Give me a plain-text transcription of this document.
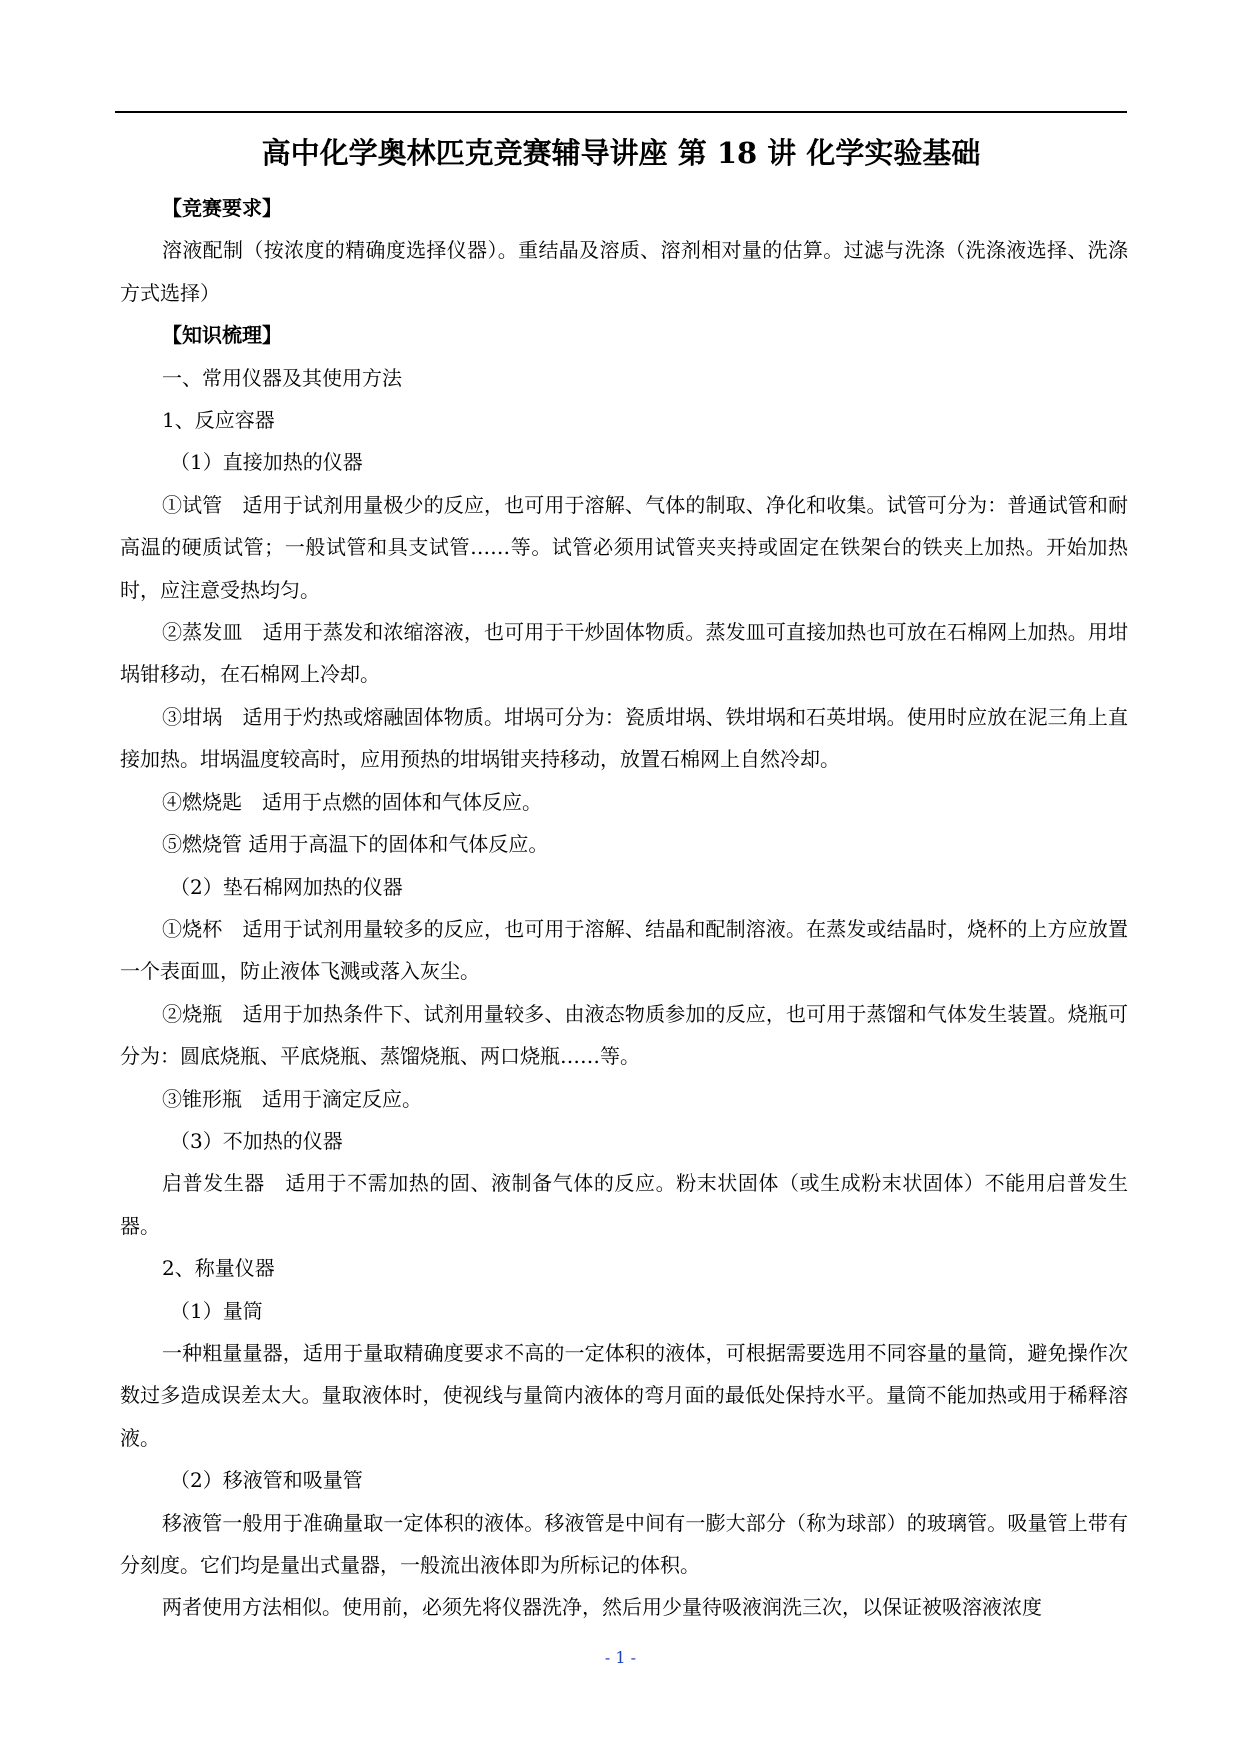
高中化学奥林匹克竞赛辅导讲座 第 18 讲 化学实验基础

【竞赛要求】

溶液配制（按浓度的精确度选择仪器）。重结晶及溶质、溶剂相对量的估算。过滤与洗涤（洗涤液选择、洗涤方式选择）

【知识梳理】

一、常用仪器及其使用方法

1、反应容器

（1）直接加热的仪器

①试管　适用于试剂用量极少的反应，也可用于溶解、气体的制取、净化和收集。试管可分为：普通试管和耐高温的硬质试管；一般试管和具支试管……等。试管必须用试管夹夹持或固定在铁架台的铁夹上加热。开始加热时，应注意受热均匀。

②蒸发皿　适用于蒸发和浓缩溶液，也可用于干炒固体物质。蒸发皿可直接加热也可放在石棉网上加热。用坩埚钳移动，在石棉网上冷却。

③坩埚　适用于灼热或熔融固体物质。坩埚可分为：瓷质坩埚、铁坩埚和石英坩埚。使用时应放在泥三角上直接加热。坩埚温度较高时，应用预热的坩埚钳夹持移动，放置石棉网上自然冷却。

④燃烧匙　适用于点燃的固体和气体反应。

⑤燃烧管 适用于高温下的固体和气体反应。

（2）垫石棉网加热的仪器

①烧杯　适用于试剂用量较多的反应，也可用于溶解、结晶和配制溶液。在蒸发或结晶时，烧杯的上方应放置一个表面皿，防止液体飞溅或落入灰尘。

②烧瓶　适用于加热条件下、试剂用量较多、由液态物质参加的反应，也可用于蒸馏和气体发生装置。烧瓶可分为：圆底烧瓶、平底烧瓶、蒸馏烧瓶、两口烧瓶……等。

③锥形瓶　适用于滴定反应。

（3）不加热的仪器

启普发生器　适用于不需加热的固、液制备气体的反应。粉末状固体（或生成粉末状固体）不能用启普发生器。

2、称量仪器

（1）量筒

一种粗量量器，适用于量取精确度要求不高的一定体积的液体，可根据需要选用不同容量的量筒，避免操作次数过多造成误差太大。量取液体时，使视线与量筒内液体的弯月面的最低处保持水平。量筒不能加热或用于稀释溶液。

（2）移液管和吸量管

移液管一般用于准确量取一定体积的液体。移液管是中间有一膨大部分（称为球部）的玻璃管。吸量管上带有分刻度。它们均是量出式量器，一般流出液体即为所标记的体积。

两者使用方法相似。使用前，必须先将仪器洗净，然后用少量待吸液润洗三次，以保证被吸溶液浓度

- 1 -
